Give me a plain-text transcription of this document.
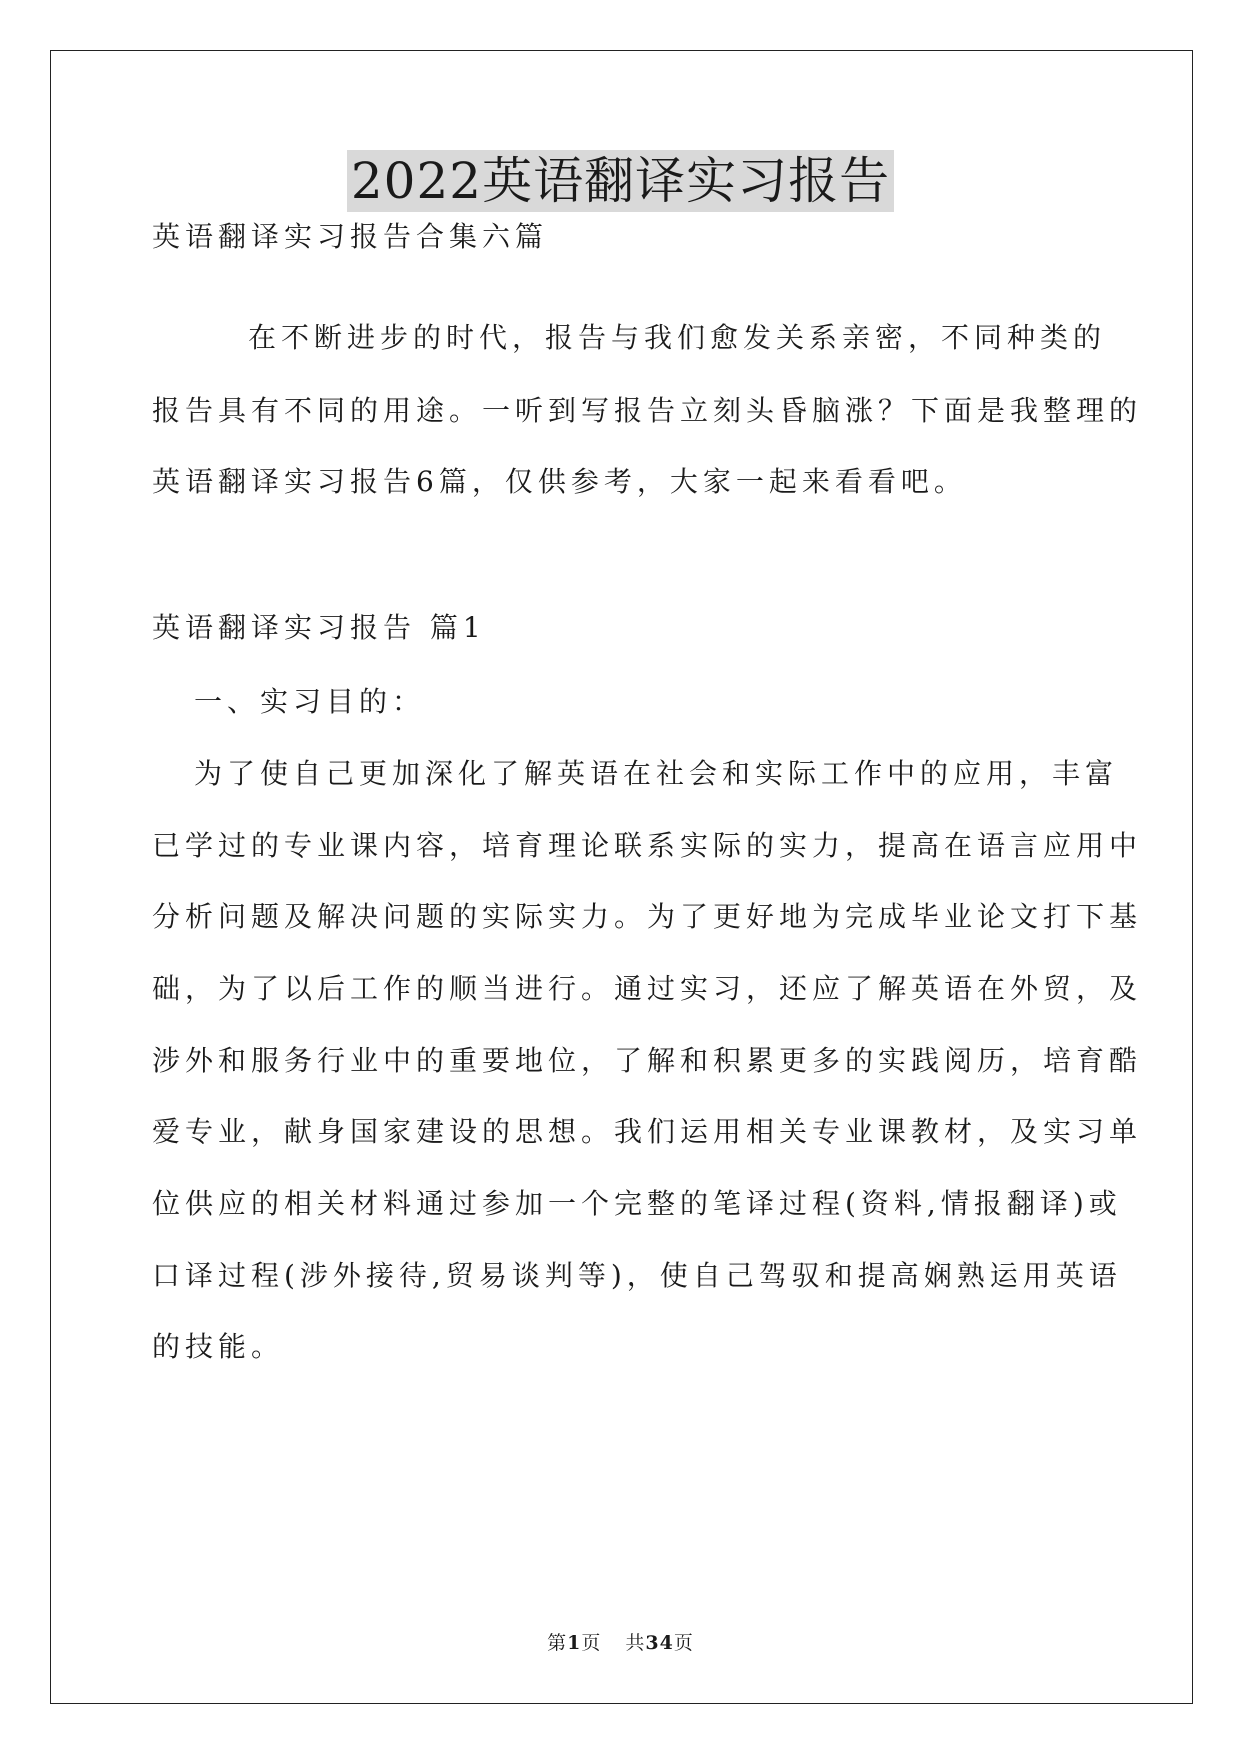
2022英语翻译实习报告
英语翻译实习报告合集六篇
在不断进步的时代，报告与我们愈发关系亲密，不同种类的
报告具有不同的用途。一听到写报告立刻头昏脑涨？下面是我整理的
英语翻译实习报告6篇，仅供参考，大家一起来看看吧。
英语翻译实习报告 篇1
一、实习目的：
为了使自己更加深化了解英语在社会和实际工作中的应用，丰富
已学过的专业课内容，培育理论联系实际的实力，提高在语言应用中
分析问题及解决问题的实际实力。为了更好地为完成毕业论文打下基
础，为了以后工作的顺当进行。通过实习，还应了解英语在外贸，及
涉外和服务行业中的重要地位，了解和积累更多的实践阅历，培育酷
爱专业，献身国家建设的思想。我们运用相关专业课教材，及实习单
位供应的相关材料通过参加一个完整的笔译过程(资料,情报翻译)或
口译过程(涉外接待,贸易谈判等)，使自己驾驭和提高娴熟运用英语
的技能。
第1页 共34页
